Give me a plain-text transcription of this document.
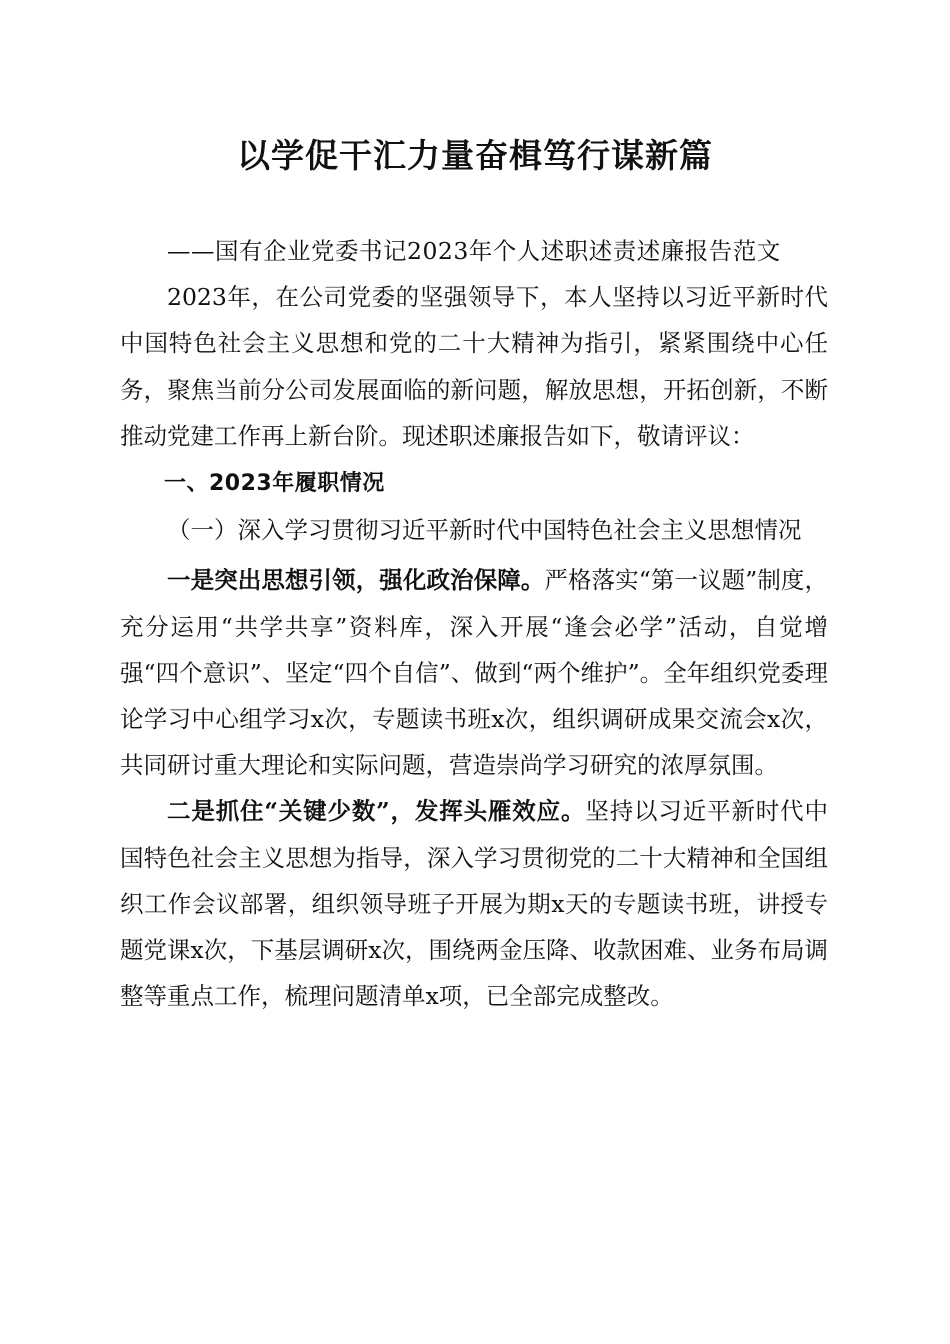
以学促干汇力量奋楫笃行谋新篇

——国有企业党委书记2023年个人述职述责述廉报告范文

2023年，在公司党委的坚强领导下，本人坚持以习近平新时代中国特色社会主义思想和党的二十大精神为指引，紧紧围绕中心任务，聚焦当前分公司发展面临的新问题，解放思想，开拓创新，不断推动党建工作再上新台阶。现述职述廉报告如下，敬请评议：

一、2023年履职情况

（一）深入学习贯彻习近平新时代中国特色社会主义思想情况

一是突出思想引领，强化政治保障。严格落实“第一议题”制度，充分运用“共学共享”资料库，深入开展“逢会必学”活动，自觉增强“四个意识”、坚定“四个自信”、做到“两个维护”。全年组织党委理论学习中心组学习x次，专题读书班x次，组织调研成果交流会x次，共同研讨重大理论和实际问题，营造崇尚学习研究的浓厚氛围。

二是抓住“关键少数”，发挥头雁效应。坚持以习近平新时代中国特色社会主义思想为指导，深入学习贯彻党的二十大精神和全国组织工作会议部署，组织领导班子开展为期x天的专题读书班，讲授专题党课x次，下基层调研x次，围绕两金压降、收款困难、业务布局调整等重点工作，梳理问题清单x项，已全部完成整改。
